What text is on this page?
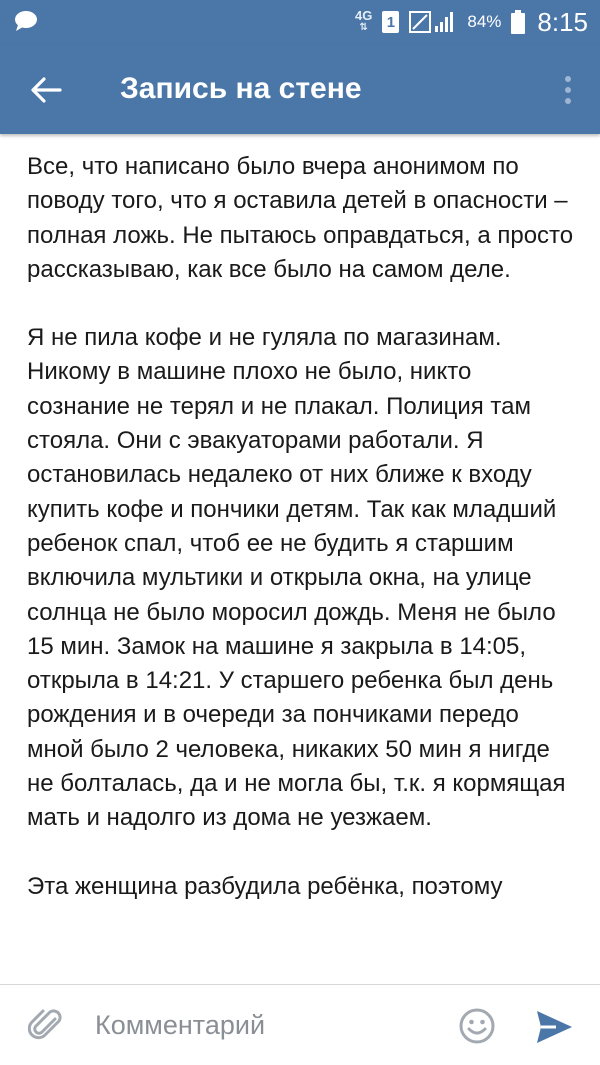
4G
⇅ 1	84% 8:15
Запись на стене

Все, что написано было вчера анонимом по поводу того, что я оставила детей в опасности – полная ложь. Не пытаюсь оправдаться, а просто рассказываю, как все было на самом деле.

Я не пила кофе и не гуляла по магазинам. Никому в машине плохо не было, никто сознание не терял и не плакал. Полиция там стояла. Они с эвакуаторами работали. Я остановилась недалеко от них ближе к входу купить кофе и пончики детям. Так как младший ребенок спал, чтоб ее не будить я старшим включила мультики и открыла окна, на улице солнца не было моросил дождь. Меня не было 15 мин. Замок на машине я закрыла в 14:05, открыла в 14:21. У старшего ребенка был день рождения и в очереди за пончиками передо мной было 2 человека, никаких 50 мин я нигде не болталась, да и не могла бы, т.к. я кормящая мать и надолго из дома не уезжаем.

Эта женщина разбудила ребёнка, поэтому

Комментарий
